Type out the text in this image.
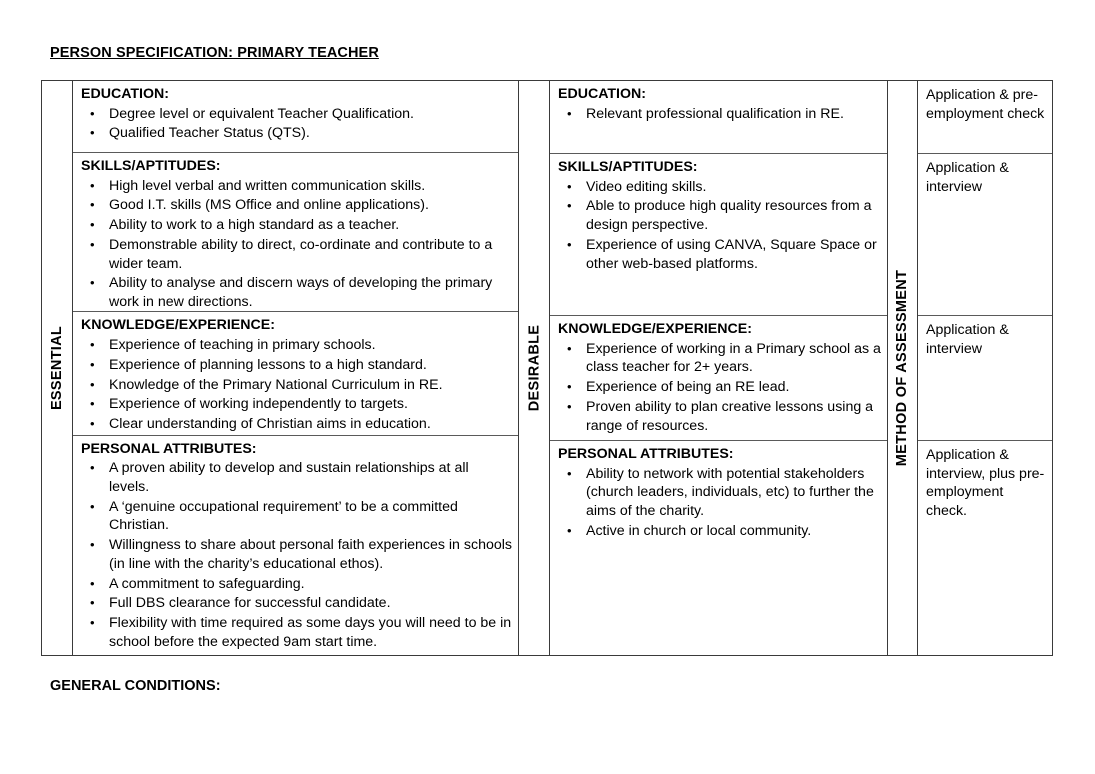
PERSON SPECIFICATION: PRIMARY TEACHER
ESSENTIAL
EDUCATION:
• Degree level or equivalent Teacher Qualification.
• Qualified Teacher Status (QTS).
SKILLS/APTITUDES:
• High level verbal and written communication skills.
• Good I.T. skills (MS Office and online applications).
• Ability to work to a high standard as a teacher.
• Demonstrable ability to direct, co-ordinate and contribute to a wider team.
• Ability to analyse and discern ways of developing the primary work in new directions.
KNOWLEDGE/EXPERIENCE:
• Experience of teaching in primary schools.
• Experience of planning lessons to a high standard.
• Knowledge of the Primary National Curriculum in RE.
• Experience of working independently to targets.
• Clear understanding of Christian aims in education.
PERSONAL ATTRIBUTES:
• A proven ability to develop and sustain relationships at all levels.
• A ‘genuine occupational requirement’ to be a committed Christian.
• Willingness to share about personal faith experiences in schools (in line with the charity’s educational ethos).
• A commitment to safeguarding.
• Full DBS clearance for successful candidate.
• Flexibility with time required as some days you will need to be in school before the expected 9am start time.
DESIRABLE
EDUCATION:
• Relevant professional qualification in RE.
SKILLS/APTITUDES:
• Video editing skills.
• Able to produce high quality resources from a design perspective.
• Experience of using CANVA, Square Space or other web-based platforms.
KNOWLEDGE/EXPERIENCE:
• Experience of working in a Primary school as a class teacher for 2+ years.
• Experience of being an RE lead.
• Proven ability to plan creative lessons using a range of resources.
PERSONAL ATTRIBUTES:
• Ability to network with potential stakeholders (church leaders, individuals, etc) to further the aims of the charity.
• Active in church or local community.
METHOD OF ASSESSMENT
Application & pre-employment check
Application & interview
Application & interview
Application & interview, plus pre-employment check.
GENERAL CONDITIONS:
